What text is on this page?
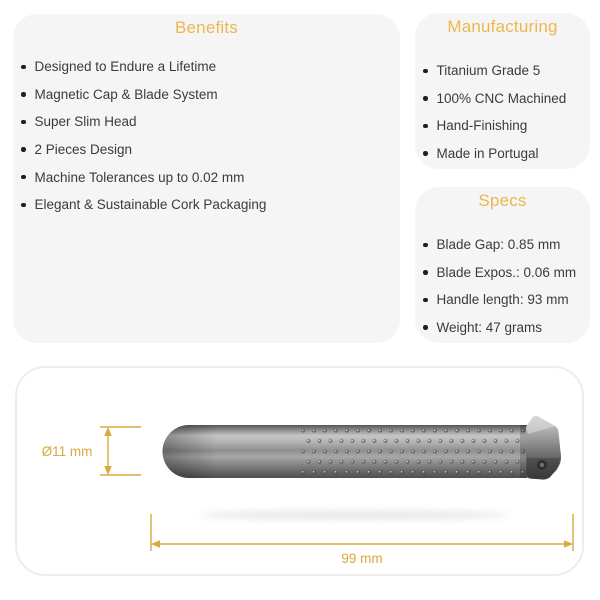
Benefits
Designed to Endure a Lifetime
Magnetic Cap & Blade System
Super Slim Head
2 Pieces Design
Machine Tolerances up to 0.02 mm
Elegant & Sustainable Cork Packaging
Manufacturing
Titanium Grade 5
100% CNC Machined
Hand-Finishing
Made in Portugal
Specs
Blade Gap: 0.85 mm
Blade Expos.: 0.06 mm
Handle length: 93 mm
Weight: 47 grams
Ø11 mm
99 mm
